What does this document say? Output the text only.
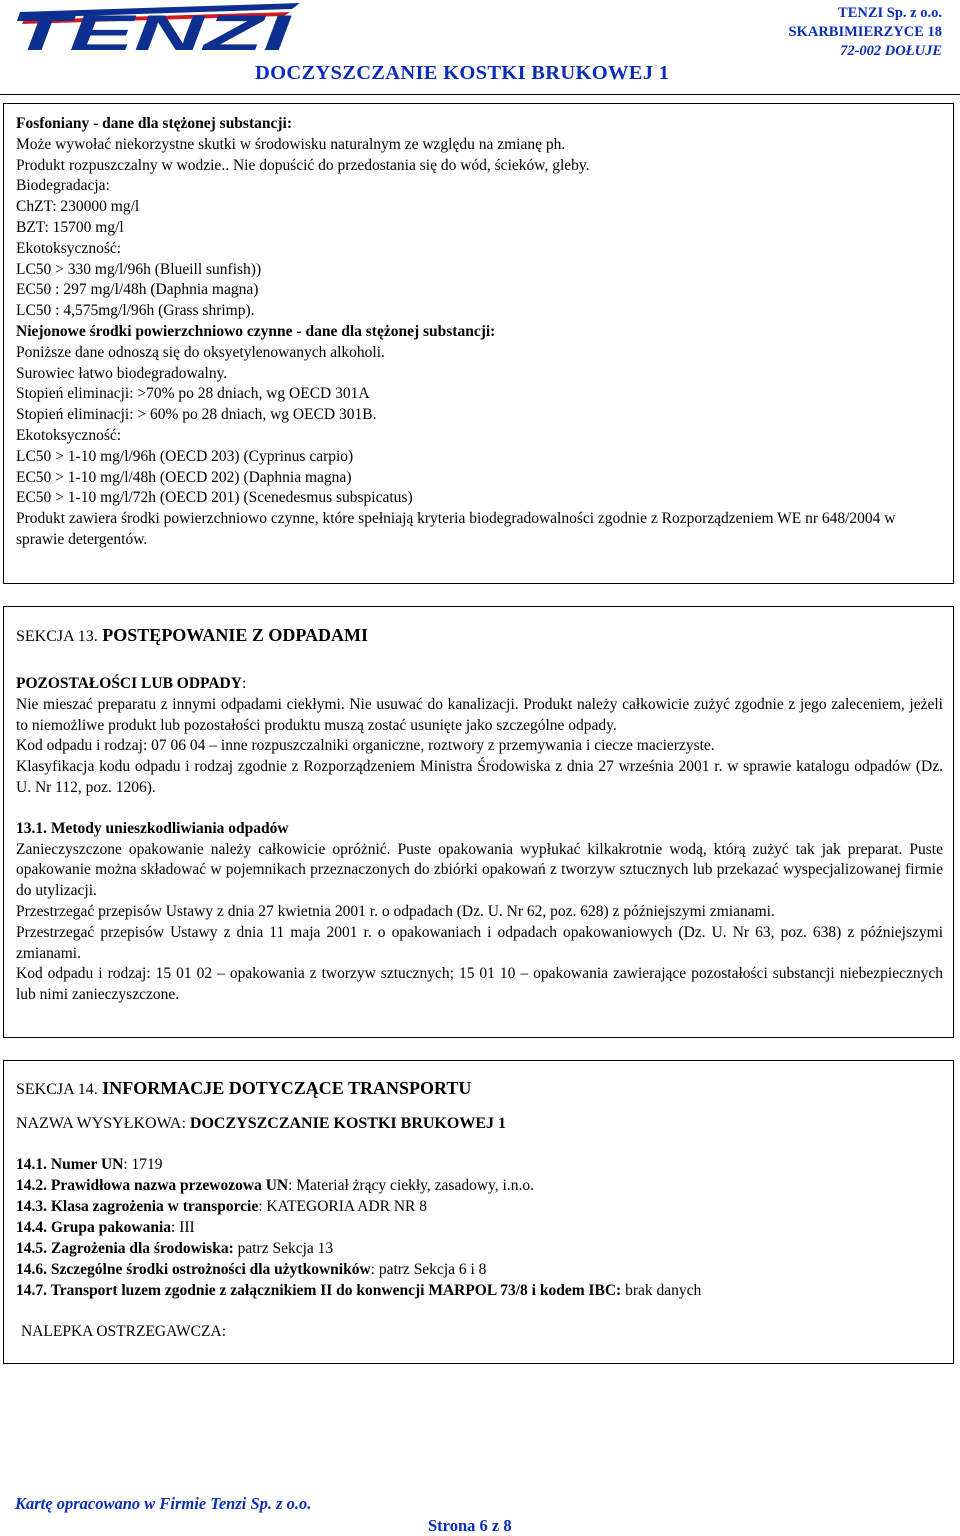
TENZI	TENZI Sp. z o.o.
SKARBIMIERZYCE 18
72-002 DOŁUJE
DOCZYSZCZANIE KOSTKI BRUKOWEJ 1
Fosfoniany - dane dla stężonej substancji:
Może wywołać niekorzystne skutki w środowisku naturalnym ze względu na zmianę ph.
Produkt rozpuszczalny w wodzie.. Nie dopuścić do przedostania się do wód, ścieków, gleby.
Biodegradacja:
ChZT: 230000 mg/l
BZT: 15700 mg/l
Ekotoksyczność:
LC50 > 330 mg/l/96h (Blueill sunfish))
EC50 : 297 mg/l/48h (Daphnia magna)
LC50 : 4,575mg/l/96h (Grass shrimp).
Niejonowe środki powierzchniowo czynne - dane dla stężonej substancji:
Poniższe dane odnoszą się do oksyetylenowanych alkoholi.
Surowiec łatwo biodegradowalny.
Stopień eliminacji: >70% po 28 dniach, wg OECD 301A
Stopień eliminacji: > 60% po 28 dniach, wg OECD 301B.
Ekotoksyczność:
LC50 > 1-10 mg/l/96h (OECD 203) (Cyprinus carpio)
EC50 > 1-10 mg/l/48h (OECD 202) (Daphnia magna)
EC50 > 1-10 mg/l/72h (OECD 201) (Scenedesmus subspicatus)
Produkt zawiera środki powierzchniowo czynne, które spełniają kryteria biodegradowalności zgodnie z Rozporządzeniem WE nr 648/2004 w sprawie detergentów.
SEKCJA 13. POSTĘPOWANIE Z ODPADAMI
POZOSTAŁOŚCI LUB ODPADY:
Nie mieszać preparatu z innymi odpadami ciekłymi. Nie usuwać do kanalizacji. Produkt należy całkowicie zużyć zgodnie z jego zaleceniem, jeżeli to niemożliwe produkt lub pozostałości produktu muszą zostać usunięte jako szczególne odpady.
Kod odpadu i rodzaj: 07 06 04 – inne rozpuszczalniki organiczne, roztwory z przemywania i ciecze macierzyste.
Klasyfikacja kodu odpadu i rodzaj zgodnie z Rozporządzeniem Ministra Środowiska z dnia 27 września 2001 r. w sprawie katalogu odpadów (Dz. U. Nr 112, poz. 1206).
13.1. Metody unieszkodliwiania odpadów
Zanieczyszczone opakowanie należy całkowicie opróżnić. Puste opakowania wypłukać kilkakrotnie wodą, którą zużyć tak jak preparat. Puste opakowanie można składować w pojemnikach przeznaczonych do zbiórki opakowań z tworzyw sztucznych lub przekazać wyspecjalizowanej firmie do utylizacji.
Przestrzegać przepisów Ustawy z dnia 27 kwietnia 2001 r. o odpadach (Dz. U. Nr 62, poz. 628) z późniejszymi zmianami.
Przestrzegać przepisów Ustawy z dnia 11 maja 2001 r. o opakowaniach i odpadach opakowaniowych (Dz. U. Nr 63, poz. 638) z późniejszymi zmianami.
Kod odpadu i rodzaj: 15 01 02 – opakowania z tworzyw sztucznych; 15 01 10 – opakowania zawierające pozostałości substancji niebezpiecznych lub nimi zanieczyszczone.
SEKCJA 14. INFORMACJE DOTYCZĄCE TRANSPORTU
NAZWA WYSYŁKOWA: DOCZYSZCZANIE KOSTKI BRUKOWEJ 1
14.1. Numer UN: 1719
14.2. Prawidłowa nazwa przewozowa UN: Materiał żrący ciekły, zasadowy, i.n.o.
14.3. Klasa zagrożenia w transporcie: KATEGORIA ADR NR 8
14.4. Grupa pakowania: III
14.5. Zagrożenia dla środowiska: patrz Sekcja 13
14.6. Szczególne środki ostrożności dla użytkowników: patrz Sekcja 6 i 8
14.7. Transport luzem zgodnie z załącznikiem II do konwencji MARPOL 73/8 i kodem IBC: brak danych
NALEPKA OSTRZEGAWCZA:
Kartę opracowano w Firmie Tenzi Sp. z o.o.
Strona 6 z 8
